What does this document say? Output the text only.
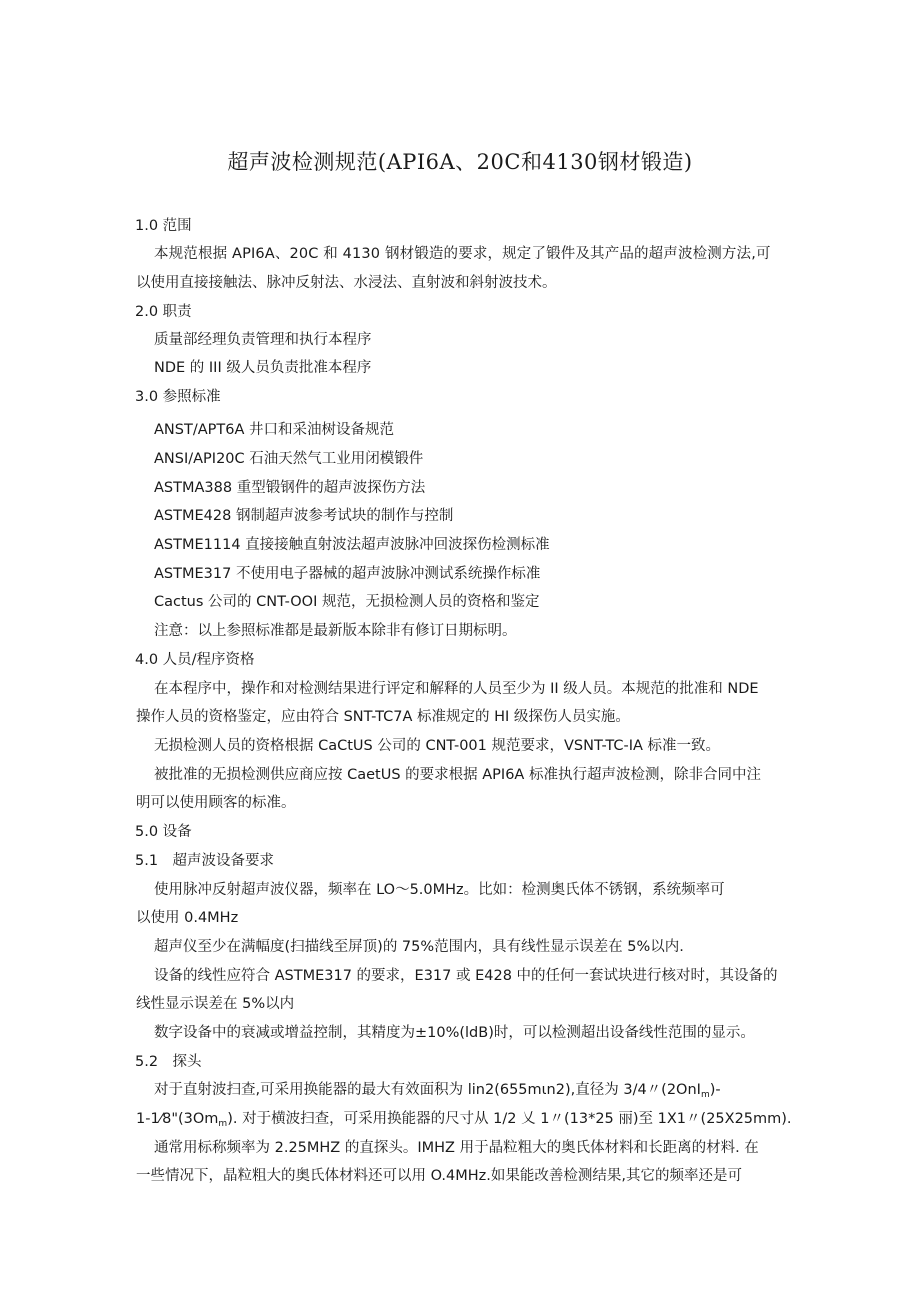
超声波检测规范(API6A、20C和4130钢材锻造)
1.0 范围
本规范根据 API6A、20C 和 4130 钢材锻造的要求，规定了锻件及其产品的超声波检测方法,可
以使用直接接触法、脉冲反射法、水浸法、直射波和斜射波技术。
2.0 职责
质量部经理负责管理和执行本程序
NDE 的 III 级人员负责批准本程序
3.0 参照标准
ANST/APT6A 井口和采油树设备规范
ANSI/API20C 石油天然气工业用闭模锻件
ASTMA388 重型锻钢件的超声波探伤方法
ASTME428 钢制超声波参考试块的制作与控制
ASTME1114 直接接触直射波法超声波脉冲回波探伤检测标准
ASTME317 不使用电子器械的超声波脉冲测试系统操作标准
Cactus 公司的 CNT-OOI 规范，无损检测人员的资格和鉴定
注意：以上参照标准都是最新版本除非有修订日期标明。
4.0 人员/程序资格
在本程序中，操作和对检测结果进行评定和解释的人员至少为 II 级人员。本规范的批准和 NDE
操作人员的资格鉴定，应由符合 SNT-TC7A 标准规定的 HI 级探伤人员实施。
无损检测人员的资格根据 CaCtUS 公司的 CNT-001 规范要求，VSNT-TC-IA 标准一致。
被批准的无损检测供应商应按 CaetUS 的要求根据 API6A 标准执行超声波检测，除非合同中注
明可以使用顾客的标准。
5.0 设备
5.1　超声波设备要求
使用脉冲反射超声波仪器，频率在 LO〜5.0MHz。比如：检测奥氏体不锈钢，系统频率可
以使用 0.4MHz
超声仪至少在满幅度(扫描线至屏顶)的 75%范围内，具有线性显示误差在 5%以内.
设备的线性应符合 ASTME317 的要求，E317 或 E428 中的任何一套试块进行核对时，其设备的
线性显示误差在 5%以内
数字设备中的衰减或增益控制，其精度为±10%(ldB)时，可以检测超出设备线性范围的显示。
5.2　探头
对于直射波扫查,可采用换能器的最大有效面积为 lin2(655mιn2),直径为 3/4〃(2OnI$_m$)-
$1-1⁄8"(3Om_m)$. 对于横波扫查，可采用换能器的尺寸从 1/2 乂 1〃(13*25 丽)至 1X1〃(25X25mm).
通常用标称频率为 2.25MHZ 的直探头。IMHZ 用于晶粒粗大的奥氏体材料和长距离的材料. 在
一些情况下，晶粒粗大的奥氏体材料还可以用 O.4MHz.如果能改善检测结果,其它的频率还是可
